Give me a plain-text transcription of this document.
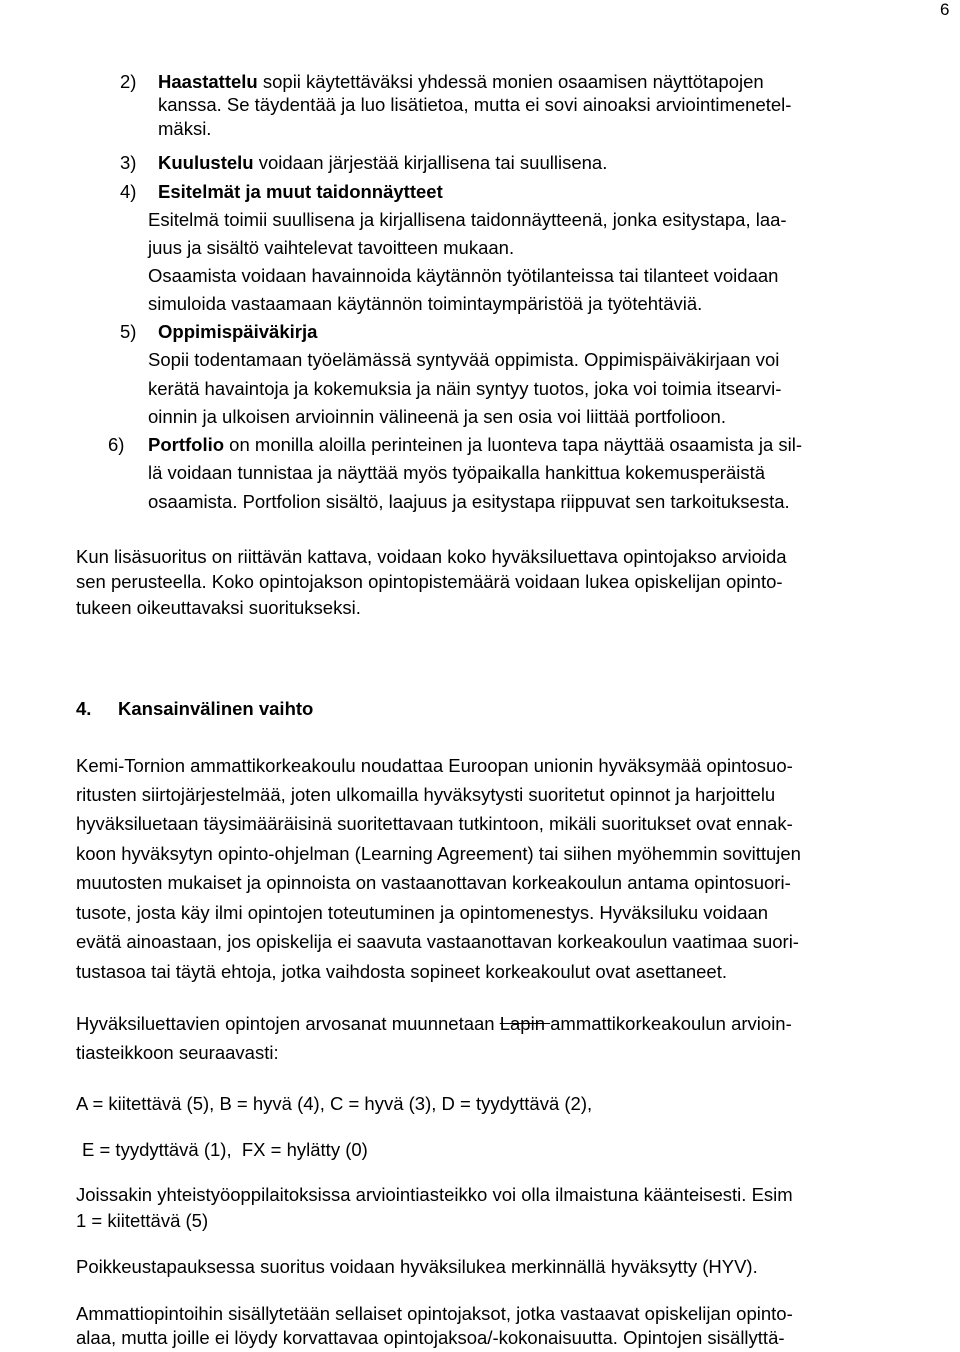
6
2) Haastattelu sopii käytettäväksi yhdessä monien osaamisen näyttötapojen
kanssa. Se täydentää ja luo lisätietoa, mutta ei sovi ainoaksi arviointimenetel-
mäksi.
3) Kuulustelu voidaan järjestää kirjallisena tai suullisena.
4) Esitelmät ja muut taidonnäytteet
Esitelmä toimii suullisena ja kirjallisena taidonnäytteenä, jonka esitystapa, laa-
juus ja sisältö vaihtelevat tavoitteen mukaan.
Osaamista voidaan havainnoida käytännön työtilanteissa tai tilanteet voidaan
simuloida vastaamaan käytännön toimintaympäristöä ja työtehtäviä.
5) Oppimispäiväkirja
Sopii todentamaan työelämässä syntyvää oppimista. Oppimispäiväkirjaan voi
kerätä havaintoja ja kokemuksia ja näin syntyy tuotos, joka voi toimia itsearvi-
oinnin ja ulkoisen arvioinnin välineenä ja sen osia voi liittää portfolioon.
6) Portfolio on monilla aloilla perinteinen ja luonteva tapa näyttää osaamista ja sil-
lä voidaan tunnistaa ja näyttää myös työpaikalla hankittua kokemusperäistä
osaamista. Portfolion sisältö, laajuus ja esitystapa riippuvat sen tarkoituksesta.
Kun lisäsuoritus on riittävän kattava, voidaan koko hyväksiluettava opintojakso arvioida
sen perusteella. Koko opintojakson opintopistemäärä voidaan lukea opiskelijan opinto-
tukeen oikeuttavaksi suoritukseksi.
4. Kansainvälinen vaihto
Kemi-Tornion ammattikorkeakoulu noudattaa Euroopan unionin hyväksymää opintosuo-
ritusten siirtojärjestelmää, joten ulkomailla hyväksytysti suoritetut opinnot ja harjoittelu
hyväksiluetaan täysimääräisinä suoritettavaan tutkintoon, mikäli suoritukset ovat ennak-
koon hyväksytyn opinto-ohjelman (Learning Agreement) tai siihen myöhemmin sovittujen
muutosten mukaiset ja opinnoista on vastaanottavan korkeakoulun antama opintosuori-
tusote, josta käy ilmi opintojen toteutuminen ja opintomenestys. Hyväksiluku voidaan
evätä ainoastaan, jos opiskelija ei saavuta vastaanottavan korkeakoulun vaatimaa suori-
tustasoa tai täytä ehtoja, jotka vaihdosta sopineet korkeakoulut ovat asettaneet.
Hyväksiluettavien opintojen arvosanat muunnetaan Lapin ammattikorkeakoulun arvioin-
tiasteikkoon seuraavasti:
A = kiitettävä (5), B = hyvä (4), C = hyvä (3), D = tyydyttävä (2),
E = tyydyttävä (1),  FX = hylätty (0)
Joissakin yhteistyöoppilaitoksissa arviointiasteikko voi olla ilmaistuna käänteisesti. Esim
1 = kiitettävä (5)
Poikkeustapauksessa suoritus voidaan hyväksilukea merkinnällä hyväksytty (HYV).
Ammattiopintoihin sisällytetään sellaiset opintojaksot, jotka vastaavat opiskelijan opinto-
alaa, mutta joille ei löydy korvattavaa opintojaksoa/-kokonaisuutta. Opintojen sisällyttä-
